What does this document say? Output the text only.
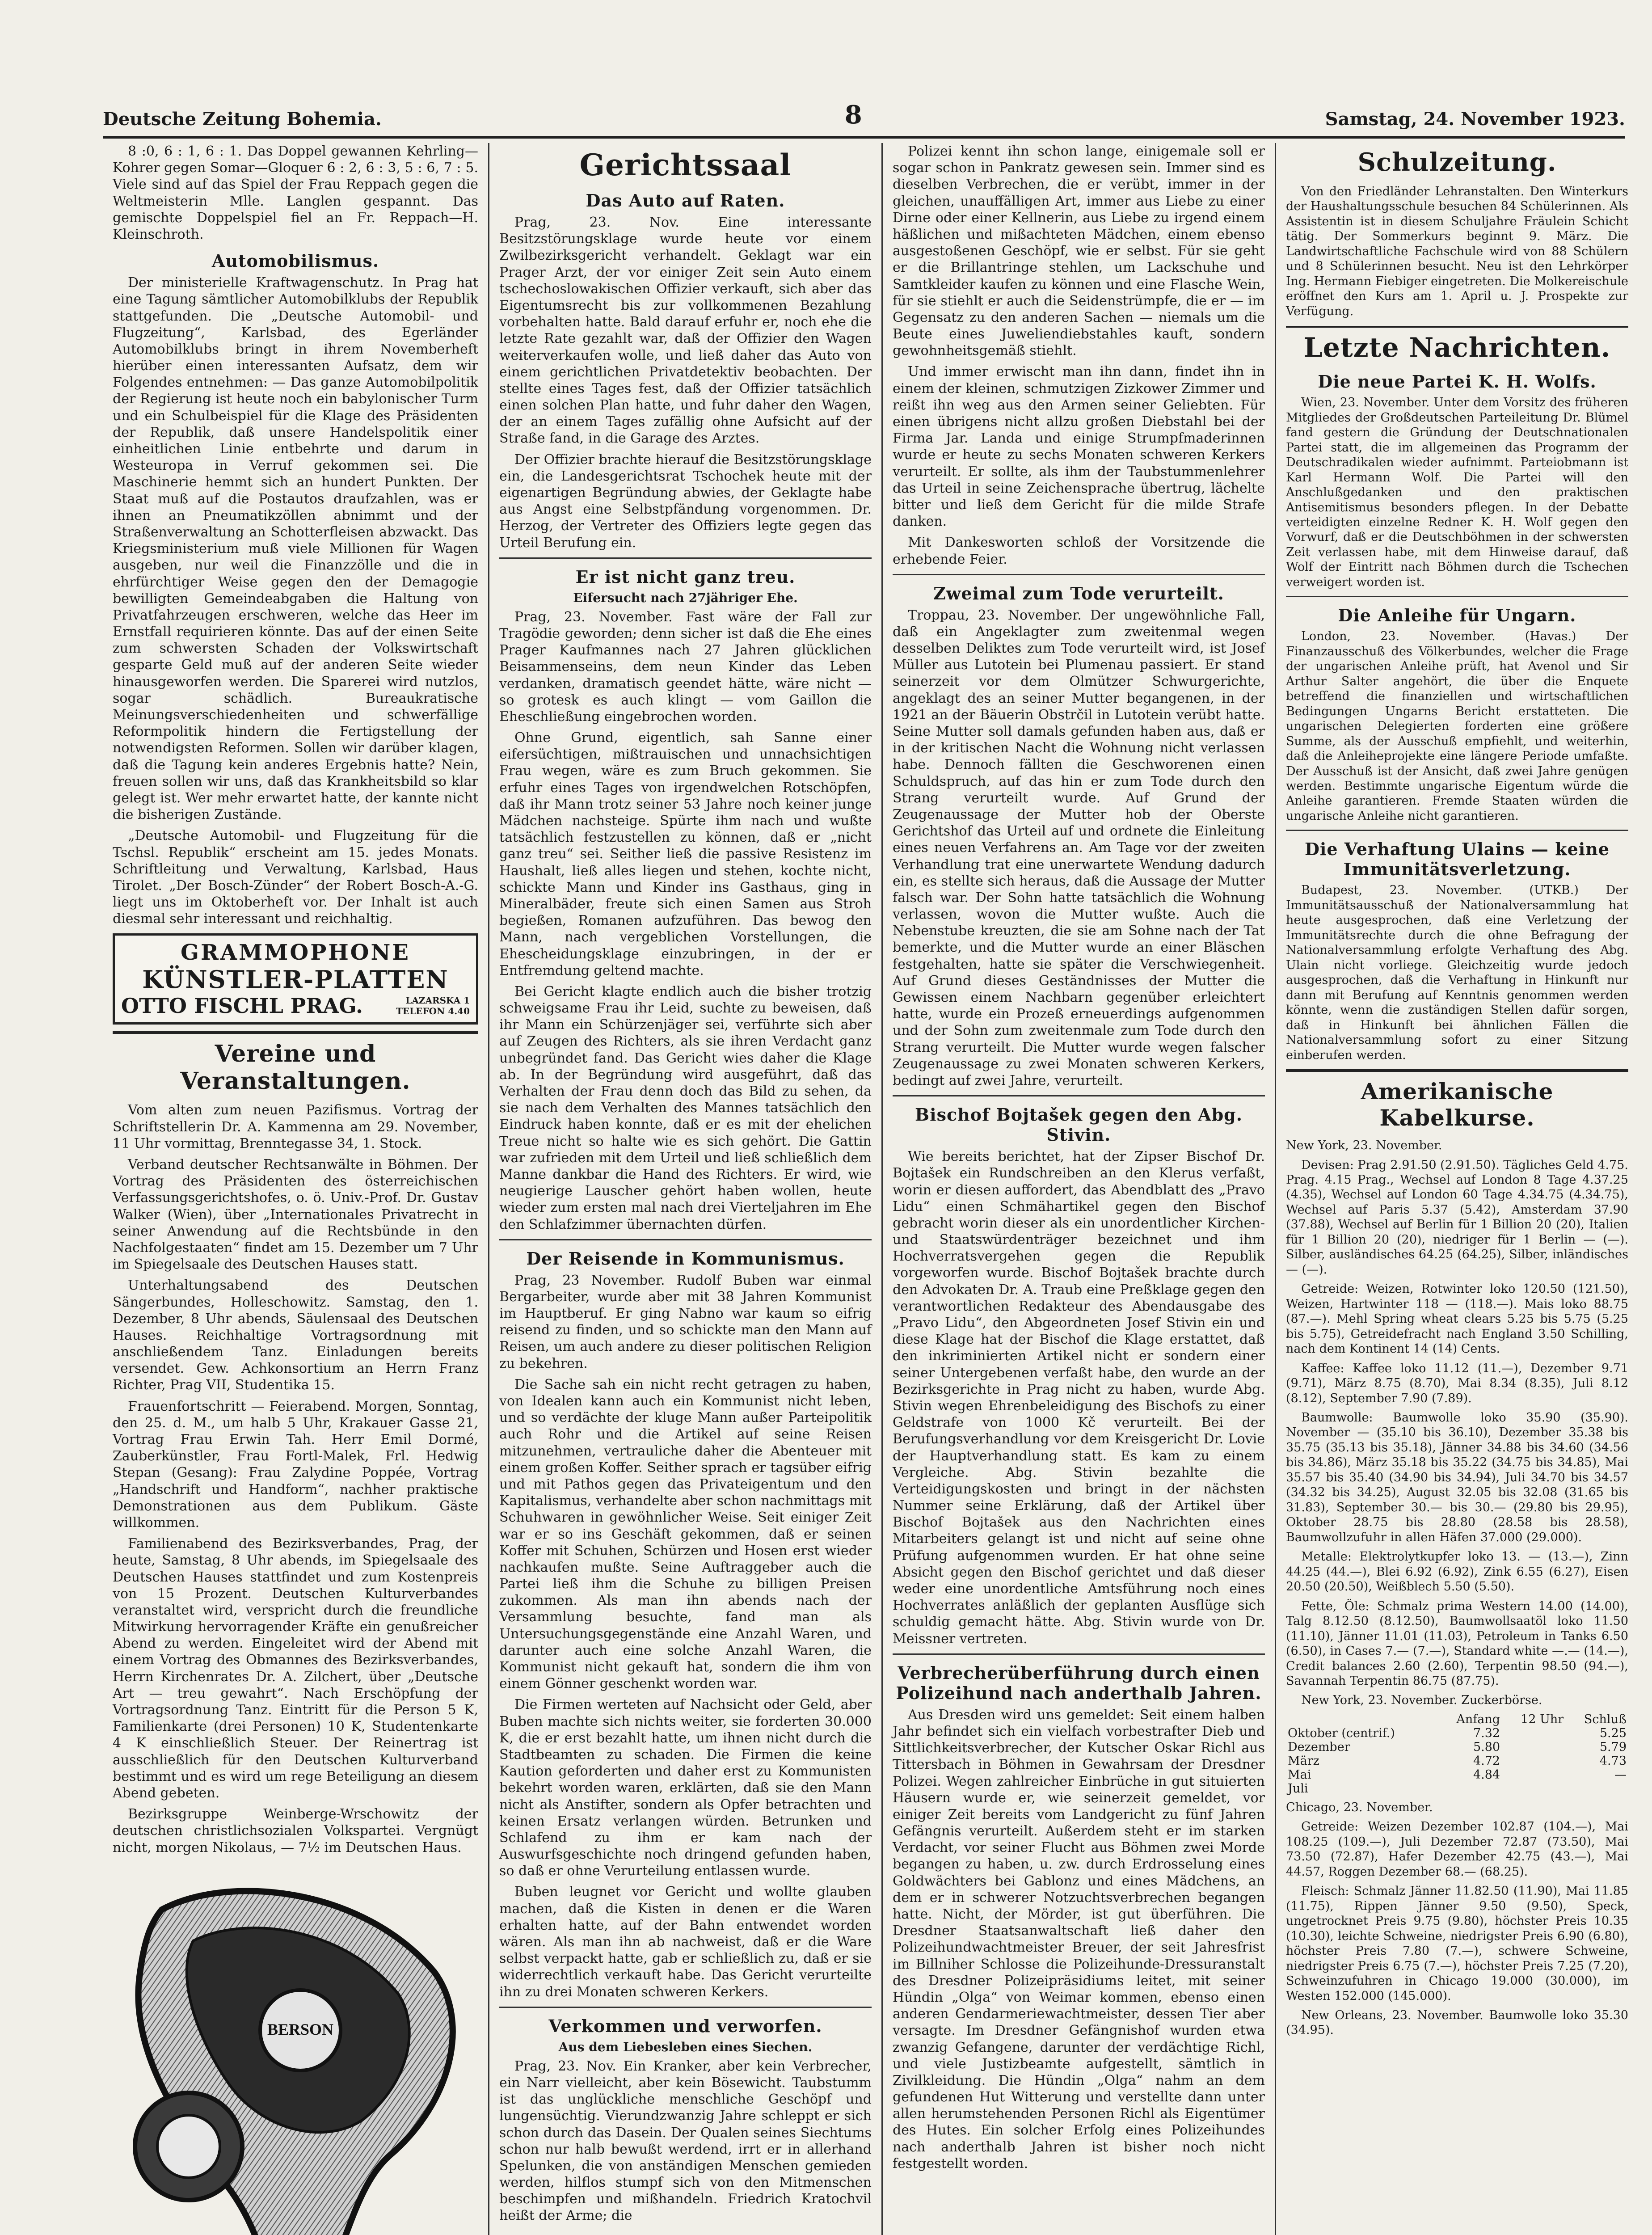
Deutsche Zeitung Bohemia.	8	Samstag, 24. November 1923.

8 :0, 6 : 1, 6 : 1. Das Doppel gewannen Kehrling—Kohrer gegen Somar—Gloquer 6 : 2, 6 : 3, 5 : 6, 7 : 5. Viele sind auf das Spiel der Frau Reppach gegen die Weltmeisterin Mlle. Langlen gespannt. Das gemischte Doppelspiel fiel an Fr. Reppach—H. Kleinschroth.

Automobilismus.

Der ministerielle Kraftwagenschutz. In Prag hat eine Tagung sämtlicher Automobilklubs der Republik stattgefunden. Die „Deutsche Automobil- und Flugzeitung“, Karlsbad, des Egerländer Automobilklubs bringt in ihrem Novemberheft hierüber einen interessanten Aufsatz, dem wir Folgendes entnehmen: — Das ganze Automobilpolitik der Regierung ist heute noch ein babylonischer Turm und ein Schulbeispiel für die Klage des Präsidenten der Republik, daß unsere Handelspolitik einer einheitlichen Linie entbehrte und darum in Westeuropa in Verruf gekommen sei. Die Maschinerie hemmt sich an hundert Punkten. Der Staat muß auf die Postautos draufzahlen, was er ihnen an Pneumatikzöllen abnimmt und der Straßenverwaltung an Schotterfleisen abzwackt. Das Kriegsministerium muß viele Millionen für Wagen ausgeben, nur weil die Finanzzölle und die in ehrfürchtiger Weise gegen den der Demagogie bewilligten Gemeindeabgaben die Haltung von Privatfahrzeugen erschweren, welche das Heer im Ernstfall requirieren könnte. Das auf der einen Seite zum schwersten Schaden der Volkswirtschaft gesparte Geld muß auf der anderen Seite wieder hinausgeworfen werden. Die Sparerei wird nutzlos, sogar schädlich. Bureaukratische Meinungsverschiedenheiten und schwerfällige Reformpolitik hindern die Fertigstellung der notwendigsten Reformen. Sollen wir darüber klagen, daß die Tagung kein anderes Ergebnis hatte? Nein, freuen sollen wir uns, daß das Krankheitsbild so klar gelegt ist. Wer mehr erwartet hatte, der kannte nicht die bisherigen Zustände.

„Deutsche Automobil- und Flugzeitung für die Tschsl. Republik“ erscheint am 15. jedes Monats. Schriftleitung und Verwaltung, Karlsbad, Haus Tirolet. „Der Bosch-Zünder“ der Robert Bosch-A.-G. liegt uns im Oktoberheft vor. Der Inhalt ist auch diesmal sehr interessant und reichhaltig.

GRAMMOPHONE
KÜNSTLER-PLATTEN
OTTO FISCHL PRAG.	LAZARSKA 1
TELEFON 4.40
Vereine und Veranstaltungen.

Vom alten zum neuen Pazifismus. Vortrag der Schriftstellerin Dr. A. Kammenna am 29. November, 11 Uhr vormittag, Brenntegasse 34, 1. Stock.

Verband deutscher Rechtsanwälte in Böhmen. Der Vortrag des Präsidenten des österreichischen Verfassungsgerichtshofes, o. ö. Univ.-Prof. Dr. Gustav Walker (Wien), über „Internationales Privatrecht in seiner Anwendung auf die Rechtsbünde in den Nachfolgestaaten“ findet am 15. Dezember um 7 Uhr im Spiegelsaale des Deutschen Hauses statt.

Unterhaltungsabend des Deutschen Sängerbundes, Holleschowitz. Samstag, den 1. Dezember, 8 Uhr abends, Säulensaal des Deutschen Hauses. Reichhaltige Vortragsordnung mit anschließendem Tanz. Einladungen bereits versendet. Gew. Achkonsortium an Herrn Franz Richter, Prag VII, Studentika 15.

Frauenfortschritt — Feierabend. Morgen, Sonntag, den 25. d. M., um halb 5 Uhr, Krakauer Gasse 21, Vortrag Frau Erwin Tah. Herr Emil Dormé, Zauberkünstler, Frau Fortl-Malek, Frl. Hedwig Stepan (Gesang): Frau Zalydine Poppée, Vortrag „Handschrift und Handform“, nachher praktische Demonstrationen aus dem Publikum. Gäste willkommen.

Familienabend des Bezirksverbandes, Prag, der heute, Samstag, 8 Uhr abends, im Spiegelsaale des Deutschen Hauses stattfindet und zum Kostenpreis von 15 Prozent. Deutschen Kulturverbandes veranstaltet wird, verspricht durch die freundliche Mitwirkung hervorragender Kräfte ein genußreicher Abend zu werden. Eingeleitet wird der Abend mit einem Vortrag des Obmannes des Bezirksverbandes, Herrn Kirchenrates Dr. A. Zilchert, über „Deutsche Art — treu gewahrt“. Nach Erschöpfung der Vortragsordnung Tanz. Eintritt für die Person 5 K, Familienkarte (drei Personen) 10 K, Studentenkarte 4 K einschließlich Steuer. Der Reinertrag ist ausschließlich für den Deutschen Kulturverband bestimmt und es wird um rege Beteiligung an diesem Abend gebeten.

Bezirksgruppe Weinberge-Wrschowitz der deutschen christlichsozialen Volkspartei. Vergnügt nicht, morgen Nikolaus, — 7½ im Deutschen Haus.

BERSON
Gerichtssaal
Das Auto auf Raten.

Prag, 23. Nov. Eine interessante Besitzstörungsklage wurde heute vor einem Zwilbezirksgericht verhandelt. Geklagt war ein Prager Arzt, der vor einiger Zeit sein Auto einem tschechoslowakischen Offizier verkauft, sich aber das Eigentumsrecht bis zur vollkommenen Bezahlung vorbehalten hatte. Bald darauf erfuhr er, noch ehe die letzte Rate gezahlt war, daß der Offizier den Wagen weiterverkaufen wolle, und ließ daher das Auto von einem gerichtlichen Privatdetektiv beobachten. Der stellte eines Tages fest, daß der Offizier tatsächlich einen solchen Plan hatte, und fuhr daher den Wagen, der an einem Tages zufällig ohne Aufsicht auf der Straße fand, in die Garage des Arztes.

Der Offizier brachte hierauf die Besitzstörungsklage ein, die Landesgerichtsrat Tschochek heute mit der eigenartigen Begründung abwies, der Geklagte habe aus Angst eine Selbstpfändung vorgenommen. Dr. Herzog, der Vertreter des Offiziers legte gegen das Urteil Berufung ein.

Er ist nicht ganz treu.
Eifersucht nach 27jähriger Ehe.

Prag, 23. November. Fast wäre der Fall zur Tragödie geworden; denn sicher ist daß die Ehe eines Prager Kaufmannes nach 27 Jahren glücklichen Beisammenseins, dem neun Kinder das Leben verdanken, dramatisch geendet hätte, wäre nicht — so grotesk es auch klingt — vom Gaillon die Eheschließung eingebrochen worden.

Ohne Grund, eigentlich, sah Sanne einer eifersüchtigen, mißtrauischen und unnachsichtigen Frau wegen, wäre es zum Bruch gekommen. Sie erfuhr eines Tages von irgendwelchen Rotschöpfen, daß ihr Mann trotz seiner 53 Jahre noch keiner junge Mädchen nachsteige. Spürte ihm nach und wußte tatsächlich festzustellen zu können, daß er „nicht ganz treu“ sei. Seither ließ die passive Resistenz im Haushalt, ließ alles liegen und stehen, kochte nicht, schickte Mann und Kinder ins Gasthaus, ging in Mineralbäder, freute sich einen Samen aus Stroh begießen, Romanen aufzuführen. Das bewog den Mann, nach vergeblichen Vorstellungen, die Ehescheidungsklage einzubringen, in der er Entfremdung geltend machte.

Bei Gericht klagte endlich auch die bisher trotzig schweigsame Frau ihr Leid, suchte zu beweisen, daß ihr Mann ein Schürzenjäger sei, verführte sich aber auf Zeugen des Richters, als sie ihren Verdacht ganz unbegründet fand. Das Gericht wies daher die Klage ab. In der Begründung wird ausgeführt, daß das Verhalten der Frau denn doch das Bild zu sehen, da sie nach dem Verhalten des Mannes tatsächlich den Eindruck haben konnte, daß er es mit der ehelichen Treue nicht so halte wie es sich gehört. Die Gattin war zufrieden mit dem Urteil und ließ schließlich dem Manne dankbar die Hand des Richters. Er wird, wie neugierige Lauscher gehört haben wollen, heute wieder zum ersten mal nach drei Vierteljahren im Ehe den Schlafzimmer übernachten dürfen.

Der Reisende in Kommunismus.

Prag, 23 November. Rudolf Buben war einmal Bergarbeiter, wurde aber mit 38 Jahren Kommunist im Hauptberuf. Er ging Nabno war kaum so eifrig reisend zu finden, und so schickte man den Mann auf Reisen, um auch andere zu dieser politischen Religion zu bekehren.

Die Sache sah ein nicht recht getragen zu haben, von Idealen kann auch ein Kommunist nicht leben, und so verdächte der kluge Mann außer Parteipolitik auch Rohr und die Artikel auf seine Reisen mitzunehmen, vertrauliche daher die Abenteuer mit einem großen Koffer. Seither sprach er tagsüber eifrig und mit Pathos gegen das Privateigentum und den Kapitalismus, verhandelte aber schon nachmittags mit Schuhwaren in gewöhnlicher Weise. Seit einiger Zeit war er so ins Geschäft gekommen, daß er seinen Koffer mit Schuhen, Schürzen und Hosen erst wieder nachkaufen mußte. Seine Auftraggeber auch die Partei ließ ihm die Schuhe zu billigen Preisen zukommen. Als man ihn abends nach der Versammlung besuchte, fand man als Untersuchungsgegenstände eine Anzahl Waren, und darunter auch eine solche Anzahl Waren, die Kommunist nicht gekauft hat, sondern die ihm von einem Gönner geschenkt worden war.

Die Firmen werteten auf Nachsicht oder Geld, aber Buben machte sich nichts weiter, sie forderten 30.000 K, die er erst bezahlt hatte, um ihnen nicht durch die Stadtbeamten zu schaden. Die Firmen die keine Kaution geforderten und daher erst zu Kommunisten bekehrt worden waren, erklärten, daß sie den Mann nicht als Anstifter, sondern als Opfer betrachten und keinen Ersatz verlangen würden. Betrunken und Schlafend zu ihm er kam nach der Auswurfsgeschichte noch dringend gefunden haben, so daß er ohne Verurteilung entlassen wurde.

Buben leugnet vor Gericht und wollte glauben machen, daß die Kisten in denen er die Waren erhalten hatte, auf der Bahn entwendet worden wären. Als man ihn ab nachweist, daß er die Ware selbst verpackt hatte, gab er schließlich zu, daß er sie widerrechtlich verkauft habe. Das Gericht verurteilte ihn zu drei Monaten schweren Kerkers.

Verkommen und verworfen.
Aus dem Liebesleben eines Siechen.

Prag, 23. Nov. Ein Kranker, aber kein Verbrecher, ein Narr vielleicht, aber kein Bösewicht. Taubstumm ist das unglückliche menschliche Geschöpf und lungensüchtig. Vierundzwanzig Jahre schleppt er sich schon durch das Dasein. Der Qualen seines Siechtums schon nur halb bewußt werdend, irrt er in allerhand Spelunken, die von anständigen Menschen gemieden werden, hilflos stumpf sich von den Mitmenschen beschimpfen und mißhandeln. Friedrich Kratochvil heißt der Arme; die

Polizei kennt ihn schon lange, einigemale soll er sogar schon in Pankratz gewesen sein. Immer sind es dieselben Verbrechen, die er verübt, immer in der gleichen, unauffälligen Art, immer aus Liebe zu einer Dirne oder einer Kellnerin, aus Liebe zu irgend einem häßlichen und mißachteten Mädchen, einem ebenso ausgestoßenen Geschöpf, wie er selbst. Für sie geht er die Brillantringe stehlen, um Lackschuhe und Samtkleider kaufen zu können und eine Flasche Wein, für sie stiehlt er auch die Seidenstrümpfe, die er — im Gegensatz zu den anderen Sachen — niemals um die Beute eines Juweliendiebstahles kauft, sondern gewohnheitsgemäß stiehlt.

Und immer erwischt man ihn dann, findet ihn in einem der kleinen, schmutzigen Zizkower Zimmer und reißt ihn weg aus den Armen seiner Geliebten. Für einen übrigens nicht allzu großen Diebstahl bei der Firma Jar. Landa und einige Strumpfmaderinnen wurde er heute zu sechs Monaten schweren Kerkers verurteilt. Er sollte, als ihm der Taubstummenlehrer das Urteil in seine Zeichensprache übertrug, lächelte bitter und ließ dem Gericht für die milde Strafe danken.

Mit Dankesworten schloß der Vorsitzende die erhebende Feier.

Zweimal zum Tode verurteilt.

Troppau, 23. November. Der ungewöhnliche Fall, daß ein Angeklagter zum zweitenmal wegen desselben Deliktes zum Tode verurteilt wird, ist Josef Müller aus Lutotein bei Plumenau passiert. Er stand seinerzeit vor dem Olmützer Schwurgerichte, angeklagt des an seiner Mutter begangenen, in der 1921 an der Bäuerin Obstrčil in Lutotein verübt hatte. Seine Mutter soll damals gefunden haben aus, daß er in der kritischen Nacht die Wohnung nicht verlassen habe. Dennoch fällten die Geschworenen einen Schuldspruch, auf das hin er zum Tode durch den Strang verurteilt wurde. Auf Grund der Zeugenaussage der Mutter hob der Oberste Gerichtshof das Urteil auf und ordnete die Einleitung eines neuen Verfahrens an. Am Tage vor der zweiten Verhandlung trat eine unerwartete Wendung dadurch ein, es stellte sich heraus, daß die Aussage der Mutter falsch war. Der Sohn hatte tatsächlich die Wohnung verlassen, wovon die Mutter wußte. Auch die Nebenstube kreuzten, die sie am Sohne nach der Tat bemerkte, und die Mutter wurde an einer Bläschen festgehalten, hatte sie später die Verschwiegenheit. Auf Grund dieses Geständnisses der Mutter die Gewissen einem Nachbarn gegenüber erleichtert hatte, wurde ein Prozeß erneuerdings aufgenommen und der Sohn zum zweitenmale zum Tode durch den Strang verurteilt. Die Mutter wurde wegen falscher Zeugenaussage zu zwei Monaten schweren Kerkers, bedingt auf zwei Jahre, verurteilt.

Bischof Bojtašek gegen den Abg. Stivin.

Wie bereits berichtet, hat der Zipser Bischof Dr. Bojtašek ein Rundschreiben an den Klerus verfaßt, worin er diesen auffordert, das Abendblatt des „Pravo Lidu“ einen Schmähartikel gegen den Bischof gebracht worin dieser als ein unordentlicher Kirchen- und Staatswürdenträger bezeichnet und ihm Hochverratsvergehen gegen die Republik vorgeworfen wurde. Bischof Bojtašek brachte durch den Advokaten Dr. A. Traub eine Preßklage gegen den verantwortlichen Redakteur des Abendausgabe des „Pravo Lidu“, den Abgeordneten Josef Stivin ein und diese Klage hat der Bischof die Klage erstattet, daß den inkriminierten Artikel nicht er sondern einer seiner Untergebenen verfaßt habe, den wurde an der Bezirksgerichte in Prag nicht zu haben, wurde Abg. Stivin wegen Ehrenbeleidigung des Bischofs zu einer Geldstrafe von 1000 Kč verurteilt. Bei der Berufungsverhandlung vor dem Kreisgericht Dr. Lovie der Hauptverhandlung statt. Es kam zu einem Vergleiche. Abg. Stivin bezahlte die Verteidigungskosten und bringt in der nächsten Nummer seine Erklärung, daß der Artikel über Bischof Bojtašek aus den Nachrichten eines Mitarbeiters gelangt ist und nicht auf seine ohne Prüfung aufgenommen wurden. Er hat ohne seine Absicht gegen den Bischof gerichtet und daß dieser weder eine unordentliche Amtsführung noch eines Hochverrates anläßlich der geplanten Ausflüge sich schuldig gemacht hätte. Abg. Stivin wurde von Dr. Meissner vertreten.

Verbrecherüberführung durch einen Polizeihund nach anderthalb Jahren.

Aus Dresden wird uns gemeldet: Seit einem halben Jahr befindet sich ein vielfach vorbestrafter Dieb und Sittlichkeitsverbrecher, der Kutscher Oskar Richl aus Tittersbach in Böhmen in Gewahrsam der Dresdner Polizei. Wegen zahlreicher Einbrüche in gut situierten Häusern wurde er, wie seinerzeit gemeldet, vor einiger Zeit bereits vom Landgericht zu fünf Jahren Gefängnis verurteilt. Außerdem steht er im starken Verdacht, vor seiner Flucht aus Böhmen zwei Morde begangen zu haben, u. zw. durch Erdrosselung eines Goldwächters bei Gablonz und eines Mädchens, an dem er in schwerer Notzuchtsverbrechen begangen hatte. Nicht, der Mörder, ist gut überführen. Die Dresdner Staatsanwaltschaft ließ daher den Polizeihundwachtmeister Breuer, der seit Jahresfrist im Billniher Schlosse die Polizeihunde-Dressuranstalt des Dresdner Polizeipräsidiums leitet, mit seiner Hündin „Olga“ von Weimar kommen, ebenso einen anderen Gendarmeriewachtmeister, dessen Tier aber versagte. Im Dresdner Gefängnishof wurden etwa zwanzig Gefangene, darunter der verdächtige Richl, und viele Justizbeamte aufgestellt, sämtlich in Zivilkleidung. Die Hündin „Olga“ nahm an dem gefundenen Hut Witterung und verstellte dann unter allen herumstehenden Personen Richl als Eigentümer des Hutes. Ein solcher Erfolg eines Polizeihundes nach anderthalb Jahren ist bisher noch nicht festgestellt worden.

Schulzeitung.

Von den Friedländer Lehranstalten. Den Winterkurs der Haushaltungsschule besuchen 84 Schülerinnen. Als Assistentin ist in diesem Schuljahre Fräulein Schicht tätig. Der Sommerkurs beginnt 9. März. Die Landwirtschaftliche Fachschule wird von 88 Schülern und 8 Schülerinnen besucht. Neu ist den Lehrkörper Ing. Hermann Fiebiger eingetreten. Die Molkereischule eröffnet den Kurs am 1. April u. J. Prospekte zur Verfügung.

Letzte Nachrichten.
Die neue Partei K. H. Wolfs.

Wien, 23. November. Unter dem Vorsitz des früheren Mitgliedes der Großdeutschen Parteileitung Dr. Blümel fand gestern die Gründung der Deutschnationalen Partei statt, die im allgemeinen das Programm der Deutschradikalen wieder aufnimmt. Parteiobmann ist Karl Hermann Wolf. Die Partei will den Anschlußgedanken und den praktischen Antisemitismus besonders pflegen. In der Debatte verteidigten einzelne Redner K. H. Wolf gegen den Vorwurf, daß er die Deutschböhmen in der schwersten Zeit verlassen habe, mit dem Hinweise darauf, daß Wolf der Eintritt nach Böhmen durch die Tschechen verweigert worden ist.

Die Anleihe für Ungarn.

London, 23. November. (Havas.) Der Finanzausschuß des Völkerbundes, welcher die Frage der ungarischen Anleihe prüft, hat Avenol und Sir Arthur Salter angehört, die über die Enquete betreffend die finanziellen und wirtschaftlichen Bedingungen Ungarns Bericht erstatteten. Die ungarischen Delegierten forderten eine größere Summe, als der Ausschuß empfiehlt, und weiterhin, daß die Anleiheprojekte eine längere Periode umfaßte. Der Ausschuß ist der Ansicht, daß zwei Jahre genügen werden. Bestimmte ungarische Eigentum würde die Anleihe garantieren. Fremde Staaten würden die ungarische Anleihe nicht garantieren.

Die Verhaftung Ulains — keine Immunitätsverletzung.

Budapest, 23. November. (UTKB.) Der Immunitätsausschuß der Nationalversammlung hat heute ausgesprochen, daß eine Verletzung der Immunitätsrechte durch die ohne Befragung der Nationalversammlung erfolgte Verhaftung des Abg. Ulain nicht vorliege. Gleichzeitig wurde jedoch ausgesprochen, daß die Verhaftung in Hinkunft nur dann mit Berufung auf Kenntnis genommen werden könnte, wenn die zuständigen Stellen dafür sorgen, daß in Hinkunft bei ähnlichen Fällen die Nationalversammlung sofort zu einer Sitzung einberufen werden.

Amerikanische Kabelkurse.

New York, 23. November.

Devisen: Prag 2.91.50 (2.91.50). Tägliches Geld 4.75. Prag. 4.15 Prag., Wechsel auf London 8 Tage 4.37.25 (4.35), Wechsel auf London 60 Tage 4.34.75 (4.34.75), Wechsel auf Paris 5.37 (5.42), Amsterdam 37.90 (37.88), Wechsel auf Berlin für 1 Billion 20 (20), Italien für 1 Billion 20 (20), niedriger für 1 Berlin — (—). Silber, ausländisches 64.25 (64.25), Silber, inländisches — (—).

Getreide: Weizen, Rotwinter loko 120.50 (121.50), Weizen, Hartwinter 118 — (118.—). Mais loko 88.75 (87.—). Mehl Spring wheat clears 5.25 bis 5.75 (5.25 bis 5.75), Getreidefracht nach England 3.50 Schilling, nach dem Kontinent 14 (14) Cents.

Kaffee: Kaffee loko 11.12 (11.—), Dezember 9.71 (9.71), März 8.75 (8.70), Mai 8.34 (8.35), Juli 8.12 (8.12), September 7.90 (7.89).

Baumwolle: Baumwolle loko 35.90 (35.90). November — (35.10 bis 36.10), Dezember 35.38 bis 35.75 (35.13 bis 35.18), Jänner 34.88 bis 34.60 (34.56 bis 34.86), März 35.18 bis 35.22 (34.75 bis 34.85), Mai 35.57 bis 35.40 (34.90 bis 34.94), Juli 34.70 bis 34.57 (34.32 bis 34.25), August 32.05 bis 32.08 (31.65 bis 31.83), September 30.— bis 30.— (29.80 bis 29.95), Oktober 28.75 bis 28.80 (28.58 bis 28.58), Baumwollzufuhr in allen Häfen 37.000 (29.000).

Metalle: Elektrolytkupfer loko 13. — (13.—), Zinn 44.25 (44.—), Blei 6.92 (6.92), Zink 6.55 (6.27), Eisen 20.50 (20.50), Weißblech 5.50 (5.50).

Fette, Öle: Schmalz prima Western 14.00 (14.00), Talg 8.12.50 (8.12.50), Baumwollsaatöl loko 11.50 (11.10), Jänner 11.01 (11.03), Petroleum in Tanks 6.50 (6.50), in Cases 7.— (7.—), Standard white —.— (14.—), Credit balances 2.60 (2.60), Terpentin 98.50 (94.—), Savannah Terpentin 86.75 (87.75).

New York, 23. November. Zuckerbörse.

	Anfang	12 Uhr	Schluß
Oktober (centrif.)	7.32		5.25
Dezember	5.80		5.79
März	4.72		4.73
Mai	4.84		—
Juli			

Chicago, 23. November.

Getreide: Weizen Dezember 102.87 (104.—), Mai 108.25 (109.—), Juli Dezember 72.87 (73.50), Mai 73.50 (72.87), Hafer Dezember 42.75 (43.—), Mai 44.57, Roggen Dezember 68.— (68.25).

Fleisch: Schmalz Jänner 11.82.50 (11.90), Mai 11.85 (11.75), Rippen Jänner 9.50 (9.50), Speck, ungetrocknet Preis 9.75 (9.80), höchster Preis 10.35 (10.30), leichte Schweine, niedrigster Preis 6.90 (6.80), höchster Preis 7.80 (7.—), schwere Schweine, niedrigster Preis 6.75 (7.—), höchster Preis 7.25 (7.20), Schweinzufuhren in Chicago 19.000 (30.000), im Westen 152.000 (145.000).

New Orleans, 23. November. Baumwolle loko 35.30 (34.95).
